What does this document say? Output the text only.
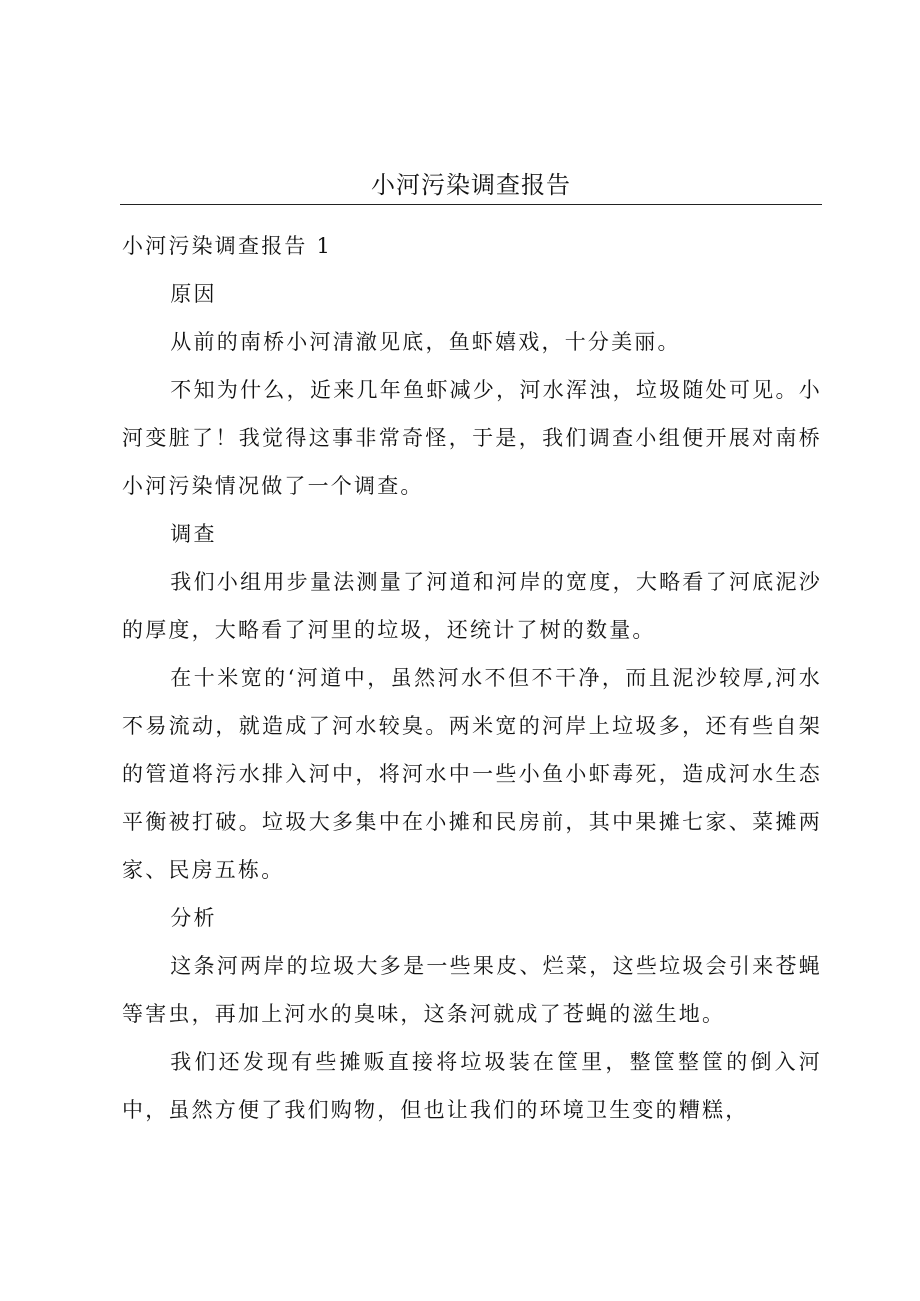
小河污染调查报告

小河污染调查报告 1

原因

从前的南桥小河清澈见底，鱼虾嬉戏，十分美丽。

不知为什么，近来几年鱼虾减少，河水浑浊，垃圾随处可见。小河变脏了！我觉得这事非常奇怪，于是，我们调查小组便开展对南桥小河污染情况做了一个调查。

调查

我们小组用步量法测量了河道和河岸的宽度，大略看了河底泥沙的厚度，大略看了河里的垃圾，还统计了树的数量。

在十米宽的‘河道中，虽然河水不但不干净，而且泥沙较厚,河水不易流动，就造成了河水较臭。两米宽的河岸上垃圾多，还有些自架的管道将污水排入河中，将河水中一些小鱼小虾毒死，造成河水生态平衡被打破。垃圾大多集中在小摊和民房前，其中果摊七家、菜摊两家、民房五栋。

分析

这条河两岸的垃圾大多是一些果皮、烂菜，这些垃圾会引来苍蝇等害虫，再加上河水的臭味，这条河就成了苍蝇的滋生地。

我们还发现有些摊贩直接将垃圾装在筐里，整筐整筐的倒入河中，虽然方便了我们购物，但也让我们的环境卫生变的糟糕，
